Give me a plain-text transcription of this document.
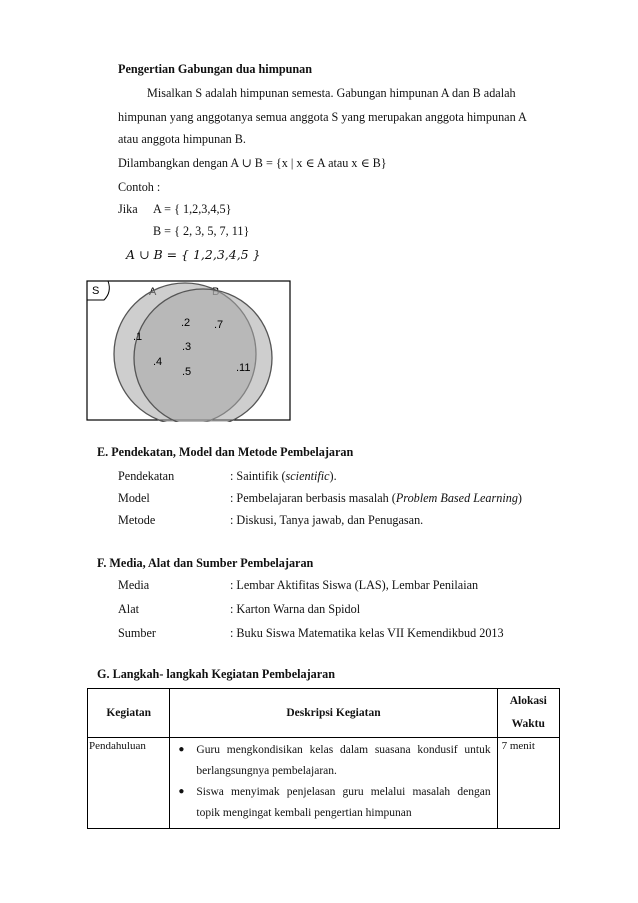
Pengertian Gabungan dua himpunan
Misalkan S adalah himpunan semesta. Gabungan himpunan A dan B adalah
himpunan yang anggotanya semua anggota S yang merupakan anggota himpunan A
atau anggota himpunan B.
Dilambangkan dengan A ∪ B = {x | x ∈ A atau x ∈ B}
Contoh :
Jika A = { 1,2,3,4,5}
B = { 2, 3, 5, 7, 11}
A ∪ B = { 1,2,3,4,5 }
S
.1
.4
.2
.3
.5
.7
.11
E. Pendekatan, Model dan Metode Pembelajaran
Pendekatan	: Saintifik (scientific).
Model	: Pembelajaran berbasis masalah (Problem Based Learning)
Metode	: Diskusi, Tanya jawab, dan Penugasan.
F. Media, Alat dan Sumber Pembelajaran
Media	: Lembar Aktifitas Siswa (LAS), Lembar Penilaian
Alat	: Karton Warna dan Spidol
Sumber	: Buku Siswa Matematika kelas VII Kemendikbud 2013
G. Langkah- langkah Kegiatan Pembelajaran
Kegiatan	Deskripsi Kegiatan	Alokasi
Waktu

Pendahuluan	● Guru mengkondisikan kelas dalam suasana kondusif untuk berlangsungnya pembelajaran.
● Siswa menyimak penjelasan guru melalui masalah dengan topik mengingat kembali pengertian himpunan	7 menit
